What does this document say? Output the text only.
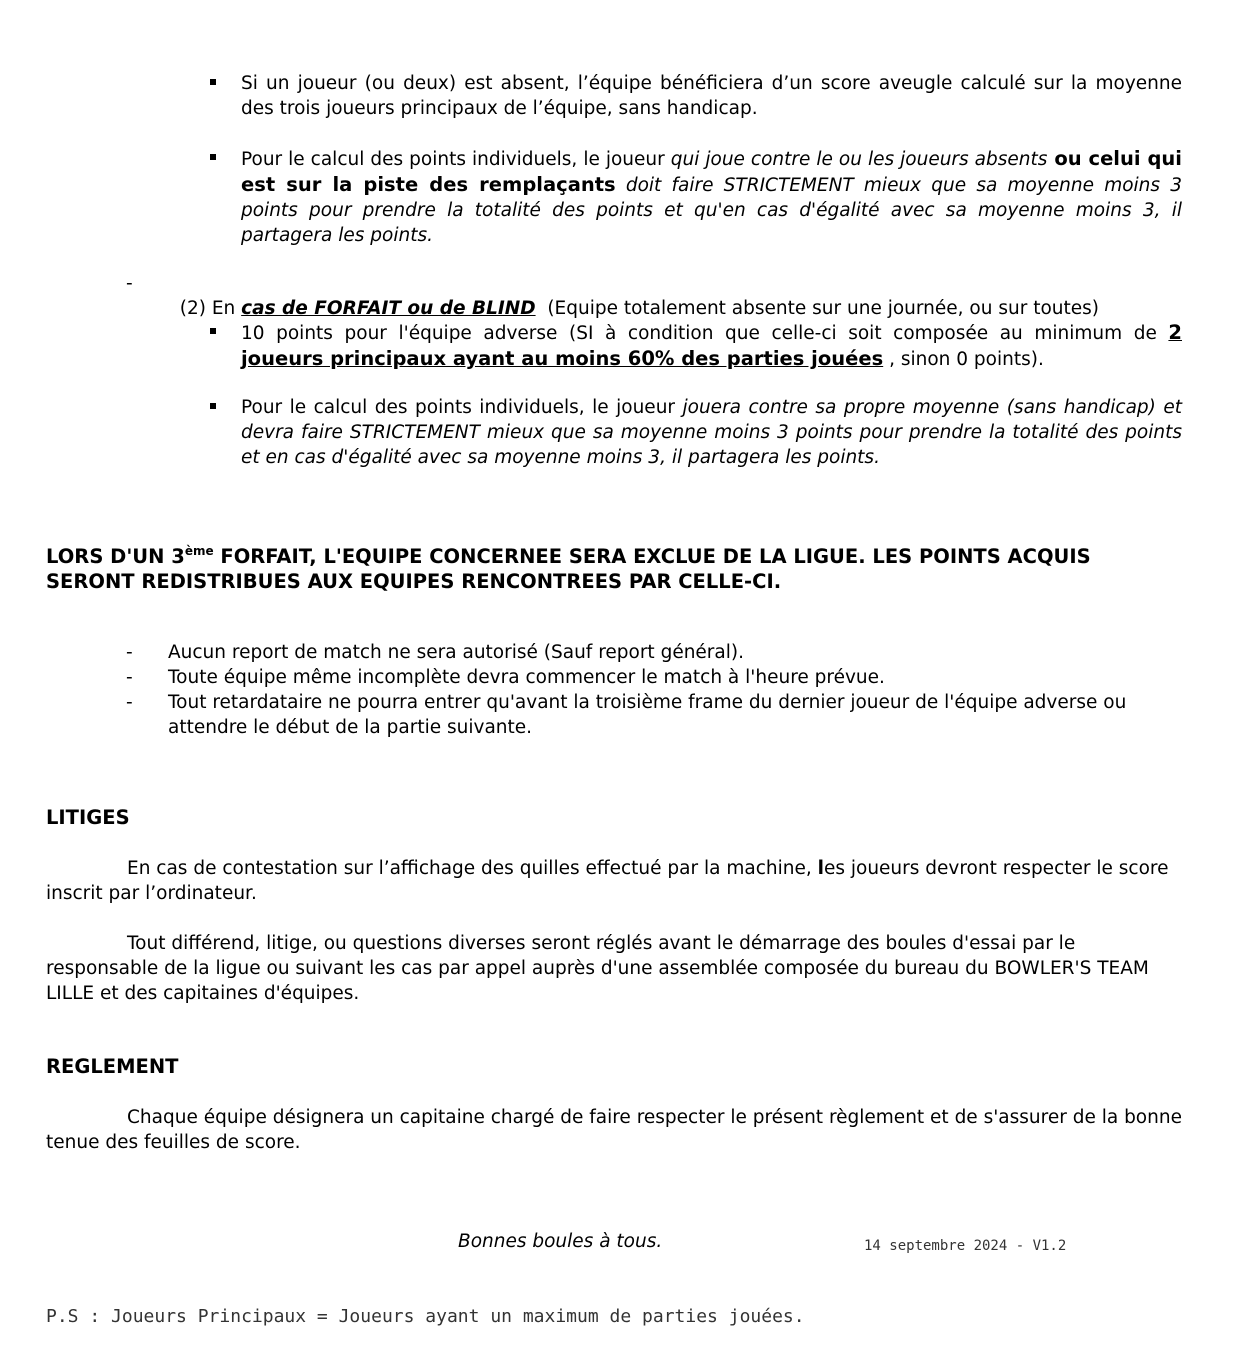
Si un joueur (ou deux) est absent, l’équipe bénéficiera d’un score aveugle calculé sur la moyenne des trois joueurs principaux de l’équipe, sans handicap.
Pour le calcul des points individuels, le joueur qui joue contre le ou les joueurs absents ou celui qui est sur la piste des remplaçants doit faire STRICTEMENT mieux que sa moyenne moins 3 points pour prendre la totalité des points et qu'en cas d'égalité avec sa moyenne moins 3, il partagera les points.
-

(2) En cas de FORFAIT ou de BLIND  (Equipe totalement absente sur une journée, ou sur toutes)

10 points pour l'équipe adverse (SI à condition que celle-ci soit composée au minimum de 2 joueurs principaux ayant au moins 60% des parties jouées , sinon 0 points).
Pour le calcul des points individuels, le joueur jouera contre sa propre moyenne (sans handicap) et devra faire STRICTEMENT mieux que sa moyenne moins 3 points pour prendre la totalité des points et en cas d'égalité avec sa moyenne moins 3, il partagera les points.
LORS D'UN 3ème FORFAIT, L'EQUIPE CONCERNEE SERA EXCLUE DE LA LIGUE. LES POINTS ACQUIS SERONT REDISTRIBUES AUX EQUIPES RENCONTREES PAR CELLE-CI.
- Aucun report de match ne sera autorisé (Sauf report général).
- Toute équipe même incomplète devra commencer le match à l'heure prévue.
- Tout retardataire ne pourra entrer qu'avant la troisième frame du dernier joueur de l'équipe adverse ou attendre le début de la partie suivante.
LITIGES
En cas de contestation sur l’affichage des quilles effectué par la machine, les joueurs devront respecter le score inscrit par l’ordinateur.
Tout différend, litige, ou questions diverses seront réglés avant le démarrage des boules d'essai par le responsable de la ligue ou suivant les cas par appel auprès d'une assemblée composée du bureau du BOWLER'S TEAM LILLE et des capitaines d'équipes.
REGLEMENT
Chaque équipe désignera un capitaine chargé de faire respecter le présent règlement et de s'assurer de la bonne tenue des feuilles de score.
Bonnes boules à tous.	14 septembre 2024 - V1.2
P.S : Joueurs Principaux = Joueurs ayant un maximum de parties jouées.
